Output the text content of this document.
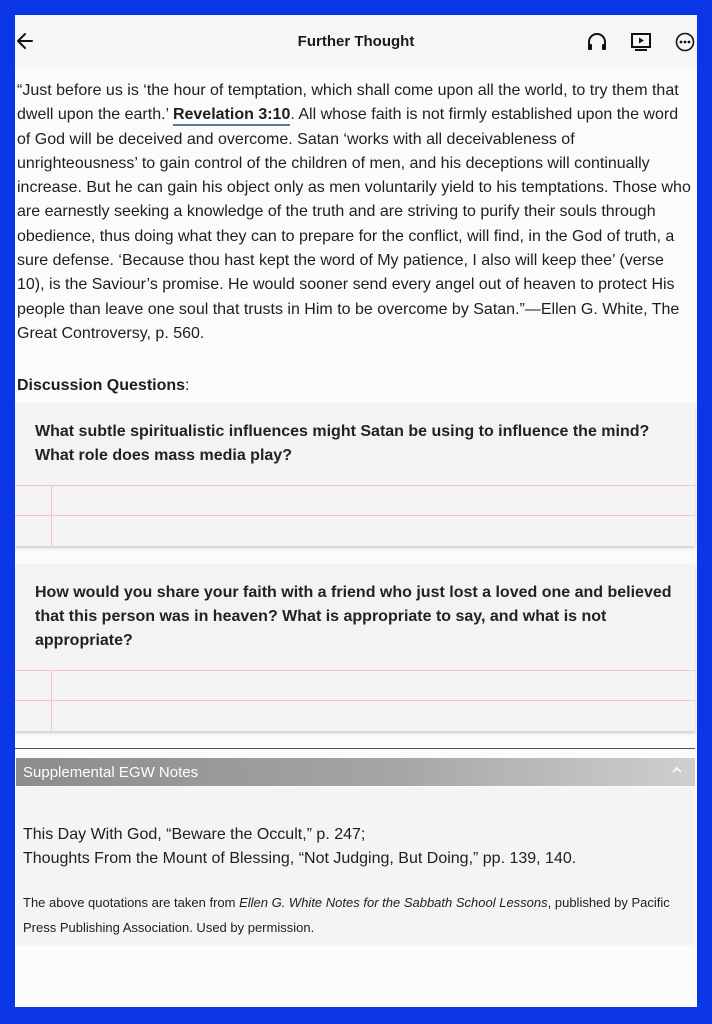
Further Thought
“Just before us is ‘the hour of temptation, which shall come upon all the world, to try them that dwell upon the earth.’ Revelation 3:10. All whose faith is not firmly established upon the word of God will be deceived and overcome. Satan ‘works with all deceivableness of unrighteousness’ to gain control of the children of men, and his deceptions will continually increase. But he can gain his object only as men voluntarily yield to his temptations. Those who are earnestly seeking a knowledge of the truth and are striving to purify their souls through obedience, thus doing what they can to prepare for the conflict, will find, in the God of truth, a sure defense. ‘Because thou hast kept the word of My patience, I also will keep thee’ (verse 10), is the Saviour’s promise. He would sooner send every angel out of heaven to protect His people than leave one soul that trusts in Him to be overcome by Satan.”—Ellen G. White, The Great Controversy, p. 560.
Discussion Questions:
What subtle spiritualistic influences might Satan be using to influence the mind? What role does mass media play?
How would you share your faith with a friend who just lost a loved one and believed that this person was in heaven? What is appropriate to say, and what is not appropriate?
Supplemental EGW Notes
This Day With God, “Beware the Occult,” p. 247;
Thoughts From the Mount of Blessing, “Not Judging, But Doing,” pp. 139, 140.
The above quotations are taken from Ellen G. White Notes for the Sabbath School Lessons, published by Pacific Press Publishing Association. Used by permission.
